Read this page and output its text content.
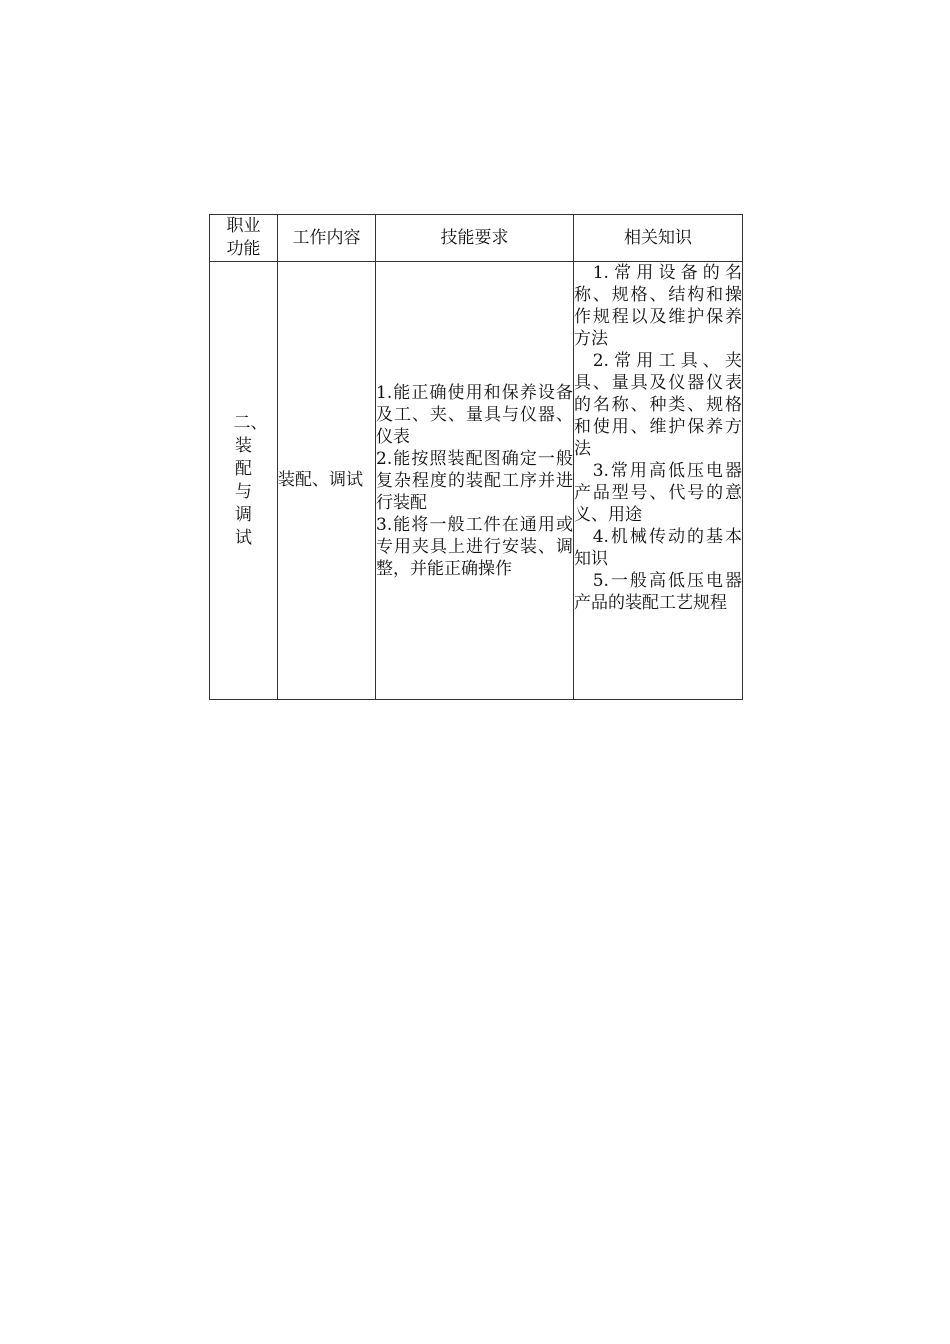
职业功能	工作内容	技能要求	相关知识
二、装配与调试	装配、调试	1.能正确使用和保养设备及工、夹、量具与仪器、仪表
2.能按照装配图确定一般复杂程度的装配工序并进行装配
3.能将一般工件在通用或专用夹具上进行安装、调整，并能正确操作	1.常用设备的名称、规格、结构和操作规程以及维护保养方法
2.常用工具、夹具、量具及仪器仪表的名称、种类、规格和使用、维护保养方法
3.常用高低压电器产品型号、代号的意义、用途
4.机械传动的基本知识
5.一般高低压电器产品的装配工艺规程
